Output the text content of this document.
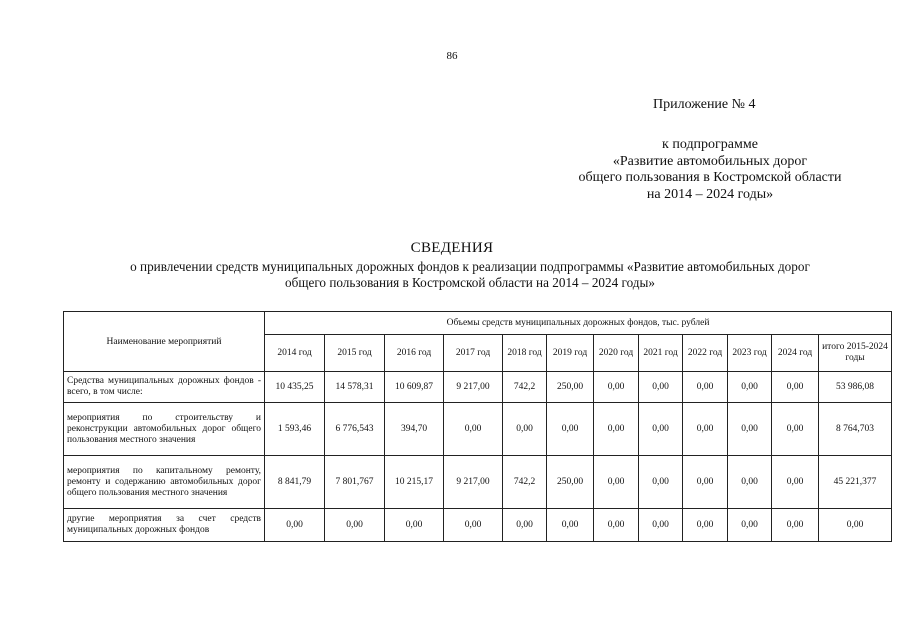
86
Приложение № 4
к подпрограмме
«Развитие автомобильных дорог
общего пользования в Костромской области
на 2014 – 2024 годы»
СВЕДЕНИЯ
о привлечении средств муниципальных дорожных фондов к реализации подпрограммы «Развитие автомобильных дорог
общего пользования в Костромской области на 2014 – 2024 годы»
Наименование мероприятий	Объемы средств муниципальных дорожных фондов, тыс. рублей											
	2014 год	2015 год	2016 год	2017 год	2018 год	2019 год	2020 год	2021 год	2022 год	2023 год	2024 год	итого 2015-2024 годы
Средства муниципальных дорожных фондов - всего, в том числе:	10 435,25	14 578,31	10 609,87	9 217,00	742,2	250,00	0,00	0,00	0,00	0,00	0,00	53 986,08
мероприятия по строительству и реконструкции автомобильных дорог общего пользования местного значения	1 593,46	6 776,543	394,70	0,00	0,00	0,00	0,00	0,00	0,00	0,00	0,00	8 764,703
мероприятия по капитальному ремонту, ремонту и содержанию автомобильных дорог общего пользования местного значения	8 841,79	7 801,767	10 215,17	9 217,00	742,2	250,00	0,00	0,00	0,00	0,00	0,00	45 221,377
другие мероприятия за счет средств муниципальных дорожных фондов	0,00	0,00	0,00	0,00	0,00	0,00	0,00	0,00	0,00	0,00	0,00	0,00
